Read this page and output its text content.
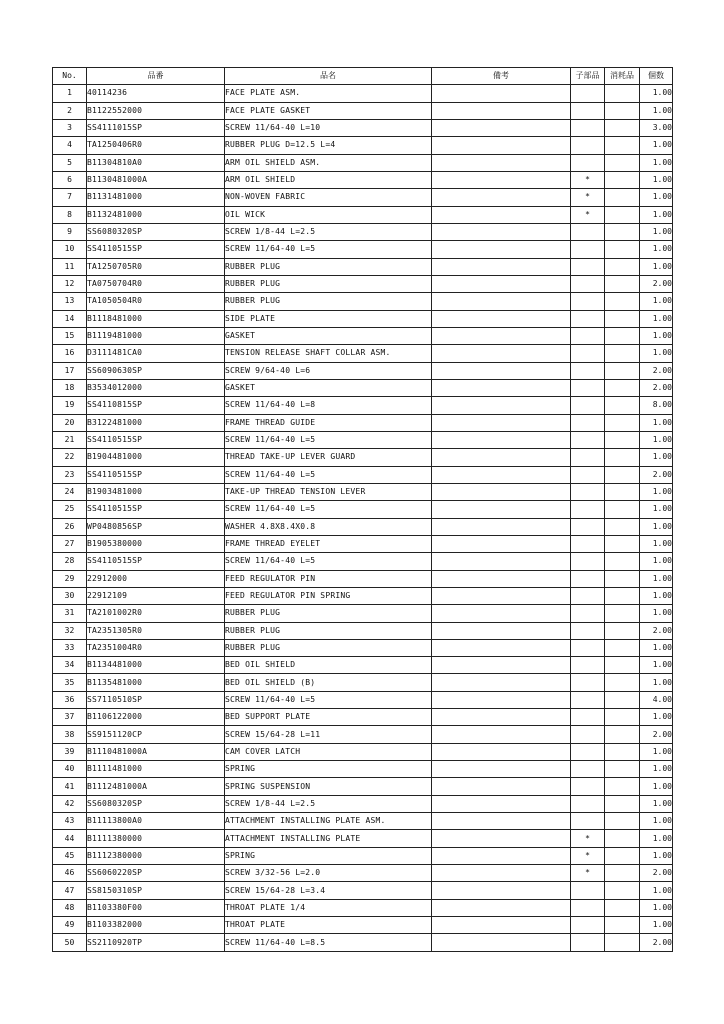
No.	品番	品名	備考	子部品	消耗品	個数
1	40114236	FACE PLATE ASM.				1.00
2	B1122552000	FACE PLATE GASKET				1.00
3	SS4111015SP	SCREW 11/64-40 L=10				3.00
4	TA1250406R0	RUBBER PLUG D=12.5 L=4				1.00
5	B11304810A0	ARM OIL SHIELD ASM.				1.00
6	B1130481000A	ARM OIL SHIELD		*		1.00
7	B1131481000	NON-WOVEN FABRIC		*		1.00
8	B1132481000	OIL WICK		*		1.00
9	SS6080320SP	SCREW 1/8-44 L=2.5				1.00
10	SS4110515SP	SCREW 11/64-40 L=5				1.00
11	TA1250705R0	RUBBER PLUG				1.00
12	TA0750704R0	RUBBER PLUG				2.00
13	TA1050504R0	RUBBER PLUG				1.00
14	B1118481000	SIDE PLATE				1.00
15	B1119481000	GASKET				1.00
16	D3111481CA0	TENSION RELEASE SHAFT COLLAR ASM.				1.00
17	SS6090630SP	SCREW 9/64-40 L=6				2.00
18	B3534012000	GASKET				2.00
19	SS4110815SP	SCREW 11/64-40 L=8				8.00
20	B3122481000	FRAME THREAD GUIDE				1.00
21	SS4110515SP	SCREW 11/64-40 L=5				1.00
22	B1904481000	THREAD TAKE-UP LEVER GUARD				1.00
23	SS4110515SP	SCREW 11/64-40 L=5				2.00
24	B1903481000	TAKE-UP THREAD TENSION LEVER				1.00
25	SS4110515SP	SCREW 11/64-40 L=5				1.00
26	WP0480856SP	WASHER 4.8X8.4X0.8				1.00
27	B1905380000	FRAME THREAD EYELET				1.00
28	SS4110515SP	SCREW 11/64-40 L=5				1.00
29	22912000	FEED REGULATOR PIN				1.00
30	22912109	FEED REGULATOR PIN SPRING				1.00
31	TA2101002R0	RUBBER PLUG				1.00
32	TA2351305R0	RUBBER PLUG				2.00
33	TA2351004R0	RUBBER PLUG				1.00
34	B1134481000	BED OIL SHIELD				1.00
35	B1135481000	BED OIL SHIELD (B)				1.00
36	SS7110510SP	SCREW 11/64-40 L=5				4.00
37	B1106122000	BED SUPPORT PLATE				1.00
38	SS9151120CP	SCREW 15/64-28 L=11				2.00
39	B1110481000A	CAM COVER LATCH				1.00
40	B1111481000	SPRING				1.00
41	B1112481000A	SPRING SUSPENSION				1.00
42	SS6080320SP	SCREW 1/8-44 L=2.5				1.00
43	B11113800A0	ATTACHMENT INSTALLING PLATE ASM.				1.00
44	B1111380000	ATTACHMENT INSTALLING PLATE		*		1.00
45	B1112380000	SPRING		*		1.00
46	SS6060220SP	SCREW 3/32-56 L=2.0		*		2.00
47	SS8150310SP	SCREW 15/64-28 L=3.4				1.00
48	B1103380F00	THROAT PLATE 1/4				1.00
49	B1103382000	THROAT PLATE				1.00
50	SS2110920TP	SCREW 11/64-40 L=8.5				2.00
